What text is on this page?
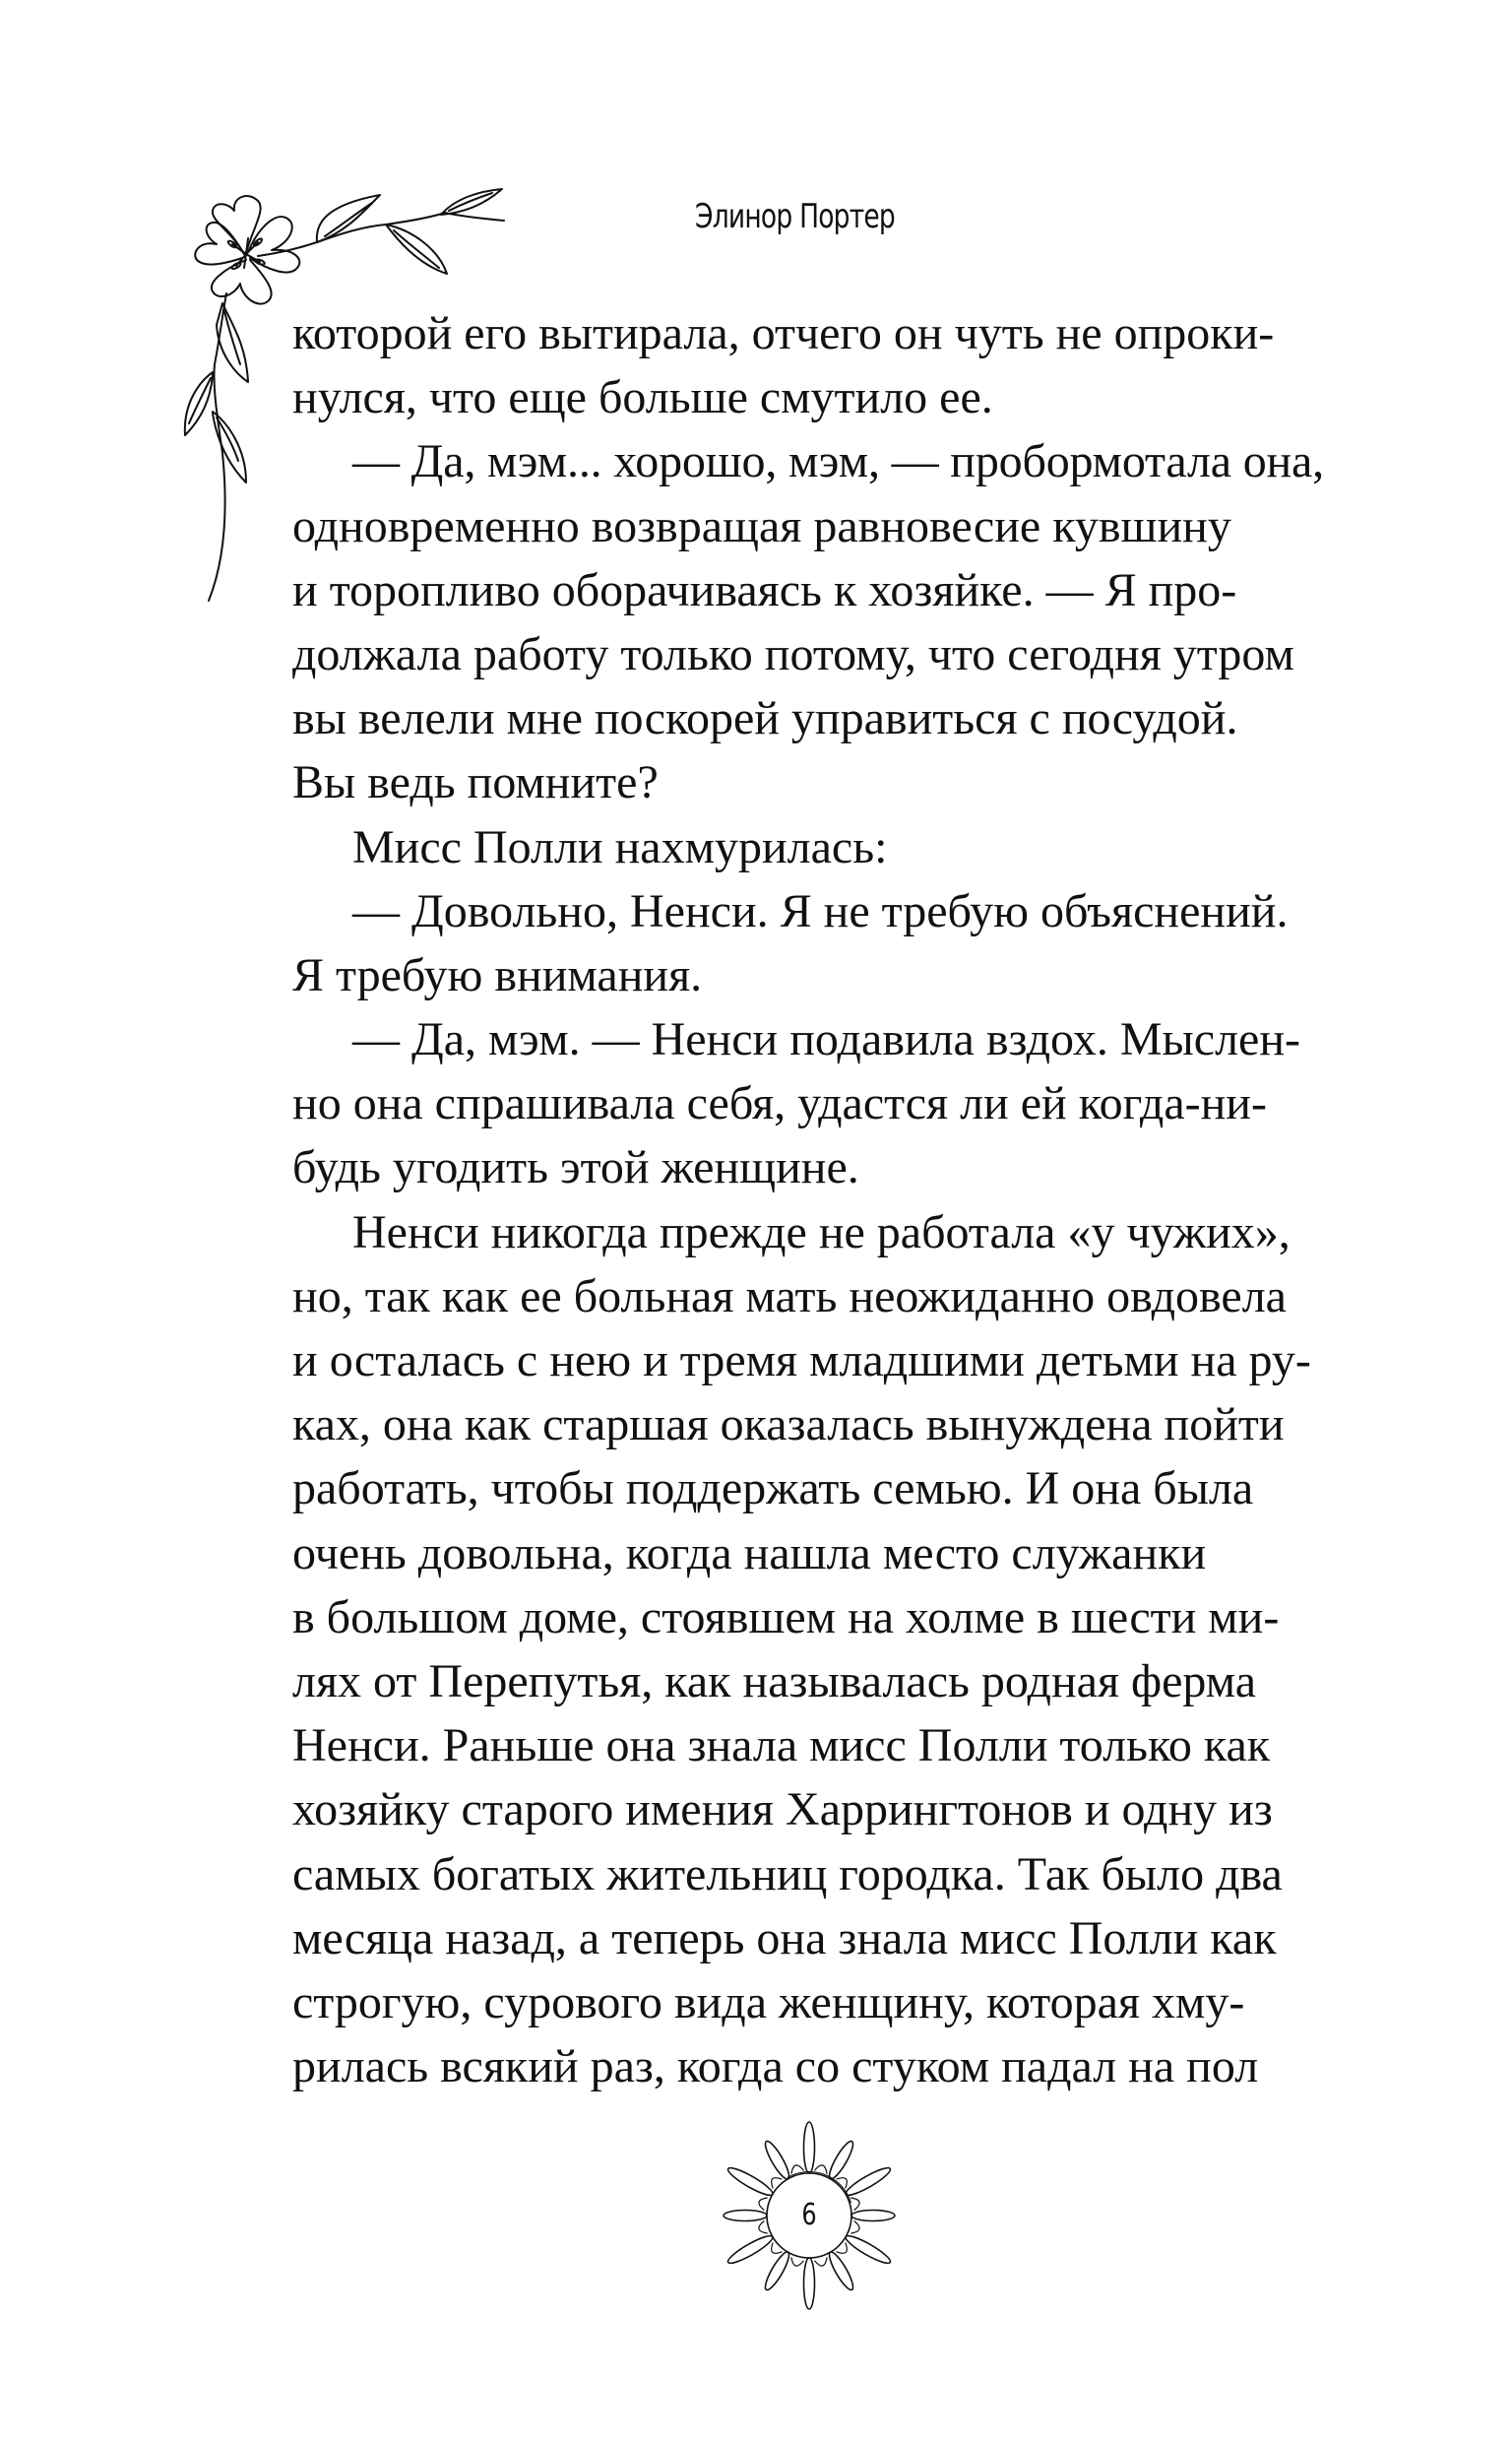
Элинор Портер
которой его вытирала, отчего он чуть не опроки-
нулся, что еще больше смутило ее.
— Да, мэм... хорошо, мэм, — пробормотала она,
одновременно возвращая равновесие кувшину
и торопливо оборачиваясь к хозяйке. — Я про-
должала работу только потому, что сегодня утром
вы велели мне поскорей управиться с посудой.
Вы ведь помните?
Мисс Полли нахмурилась:
— Довольно, Ненси. Я не требую объяснений.
Я требую внимания.
— Да, мэм. — Ненси подавила вздох. Мыслен-
но она спрашивала себя, удастся ли ей когда-ни-
будь угодить этой женщине.
Ненси никогда прежде не работала «у чужих»,
но, так как ее больная мать неожиданно овдовела
и осталась с нею и тремя младшими детьми на ру-
ках, она как старшая оказалась вынуждена пойти
работать, чтобы поддержать семью. И она была
очень довольна, когда нашла место служанки
в большом доме, стоявшем на холме в шести ми-
лях от Перепутья, как называлась родная ферма
Ненси. Раньше она знала мисс Полли только как
хозяйку старого имения Харрингтонов и одну из
самых богатых жительниц городка. Так было два
месяца назад, а теперь она знала мисс Полли как
строгую, сурового вида женщину, которая хму-
рилась всякий раз, когда со стуком падал на пол
6
